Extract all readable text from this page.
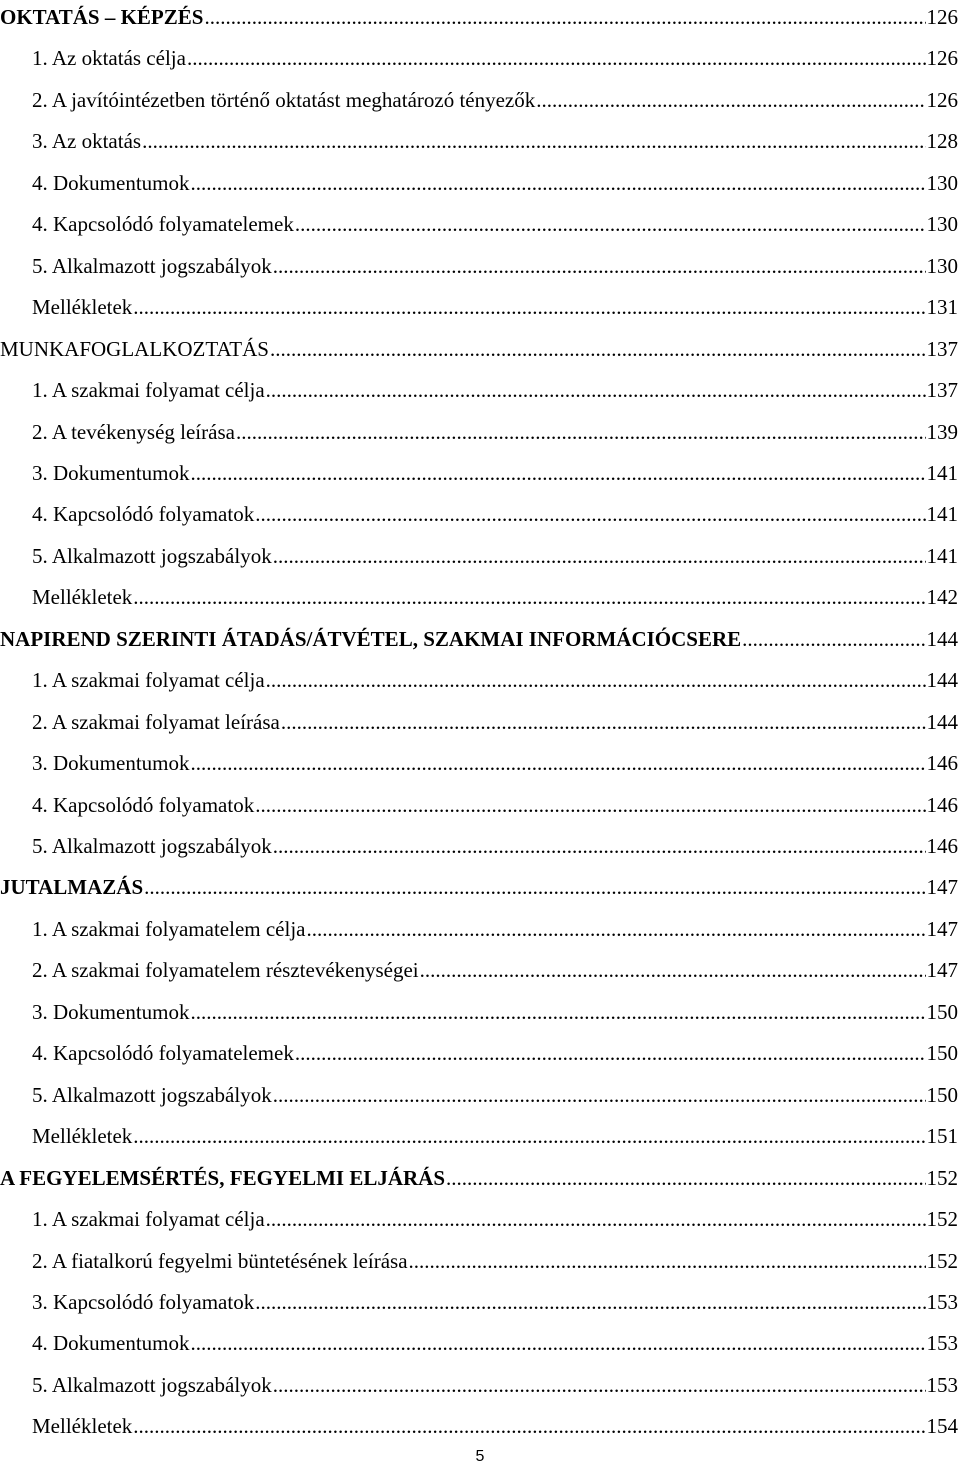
OKTATÁS – KÉPZÉS .....	126
1. Az oktatás célja .....	126
2. A javítóintézetben történő oktatást meghatározó tényezők .....	126
3. Az oktatás .....	128
4. Dokumentumok .....	130
4. Kapcsolódó folyamatelemek .....	130
5. Alkalmazott jogszabályok .....	130
Mellékletek .....	131
MUNKAFOGLALKOZTATÁS .....	137
1. A szakmai folyamat célja .....	137
2. A tevékenység leírása .....	139
3. Dokumentumok .....	141
4. Kapcsolódó folyamatok .....	141
5. Alkalmazott jogszabályok .....	141
Mellékletek .....	142
NAPIREND SZERINTI ÁTADÁS/ÁTVÉTEL, SZAKMAI INFORMÁCIÓCSERE .....	144
1. A szakmai folyamat célja .....	144
2. A szakmai folyamat leírása .....	144
3. Dokumentumok .....	146
4. Kapcsolódó folyamatok .....	146
5. Alkalmazott jogszabályok .....	146
JUTALMAZÁS .....	147
1. A szakmai folyamatelem célja .....	147
2. A szakmai folyamatelem résztevékenységei .....	147
3. Dokumentumok .....	150
4. Kapcsolódó folyamatelemek .....	150
5. Alkalmazott jogszabályok .....	150
Mellékletek .....	151
A FEGYELEMSÉRTÉS, FEGYELMI ELJÁRÁS .....	152
1. A szakmai folyamat célja .....	152
2. A fiatalkorú fegyelmi büntetésének leírása .....	152
3. Kapcsolódó folyamatok .....	153
4. Dokumentumok .....	153
5. Alkalmazott jogszabályok .....	153
Mellékletek .....	154
5
